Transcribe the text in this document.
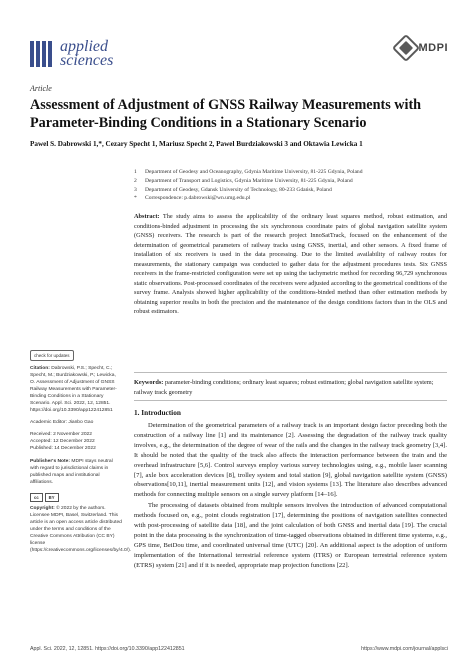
applied
sciences
MDPI
Article
Assessment of Adjustment of GNSS Railway Measurements with Parameter-Binding Conditions in a Stationary Scenario
Pawel S. Dabrowski 1,*, Cezary Specht 1, Mariusz Specht 2, Pawel Burdziakowski 3 and Oktawia Lewicka 1
1	Department of Geodesy and Oceanography, Gdynia Maritime University, 81-225 Gdynia, Poland
2	Department of Transport and Logistics, Gdynia Maritime University, 81-225 Gdynia, Poland
3	Department of Geodesy, Gdansk University of Technology, 80-233 Gdańsk, Poland
*	Correspondence: p.dabrowski@wn.umg.edu.pl
Abstract: The study aims to assess the applicability of the ordinary least squares method, robust estimation, and conditions-binded adjustment in processing the six synchronous coordinate pairs of global navigation satellite system (GNSS) receivers. The research is part of the research project InnoSatTrack, focused on the enhancement of the determination of geometrical parameters of railway tracks using GNSS, inertial, and other sensors. A fixed frame of installation of six receivers is used in the data processing. Due to the limited availability of railway routes for measurements, the stationary campaign was conducted to gather data for the adjustment procedures tests. Six GNSS receivers in the frame-restricted configuration were set up using the tachymetric method for recording 96,729 synchronous static observations. Post-processed coordinates of the receivers were adjusted according to the geometrical conditions of the survey frame. Analysis showed higher applicability of the conditions-binded method than other estimation methods by obtaining superior results in both the precision and the maintenance of the design conditions factors than in the OLS and robust estimators.
Keywords: parameter-binding conditions; ordinary least squares; robust estimation; global navigation satellite system; railway track geometry
check for updates
Citation: Dabrowski, P.S.; Specht, C.; Specht, M.; Burdziakowski, P.; Lewicka, O. Assessment of Adjustment of GNSS Railway Measurements with Parameter-Binding Conditions in a Stationary Scenario. Appl. Sci. 2022, 12, 12851. https://doi.org/10.3390/app122412851
Academic Editor: Jianbo Gao
Received: 2 November 2022
Accepted: 12 December 2022
Published: 14 December 2022
Publisher's Note: MDPI stays neutral with regard to jurisdictional claims in published maps and institutional affiliations.
cc	BY
Copyright: © 2022 by the authors. Licensee MDPI, Basel, Switzerland. This article is an open access article distributed under the terms and conditions of the Creative Commons Attribution (CC BY) license (https://creativecommons.org/licenses/by/4.0/).
1. Introduction

Determination of the geometrical parameters of a railway track is an important design factor preceding both the construction of a railway line [1] and its maintenance [2]. Assessing the degradation of the railway track quality involves, e.g., the determination of the degree of wear of the rails and the changes in the railway track geometry [3,4]. It should be noted that the quality of the track also affects the interaction performance between the train and the overhead infrastructure [5,6]. Control surveys employ various survey technologies using, e.g., mobile laser scanning [7], axle box acceleration devices [8], trolley system and total station [9], global navigation satellite system (GNSS) observations[10,11], inertial measurement units [12], and vision systems [13]. The literature also describes advanced methods for connecting multiple sensors on a single survey platform [14–16].

The processing of datasets obtained from multiple sensors involves the introduction of advanced computational methods focused on, e.g., point clouds registration [17], determining the positions of navigation satellites connected with post-processing of satellite data [18], and the joint calculation of both GNSS and inertial data [19]. The crucial point in the data processing is the synchronization of time-tagged observations obtained in different time systems, e.g., GPS time, BeiDou time, and coordinated universal time (UTC) [20]. An additional aspect is the adoption of uniform implementation of the International terrestrial reference system (ITRS) or European terrestrial reference system (ETRS) system [21] and if it is needed, appropriate map projection functions [22].

Appl. Sci. 2022, 12, 12851. https://doi.org/10.3390/app122412851	https://www.mdpi.com/journal/applsci
